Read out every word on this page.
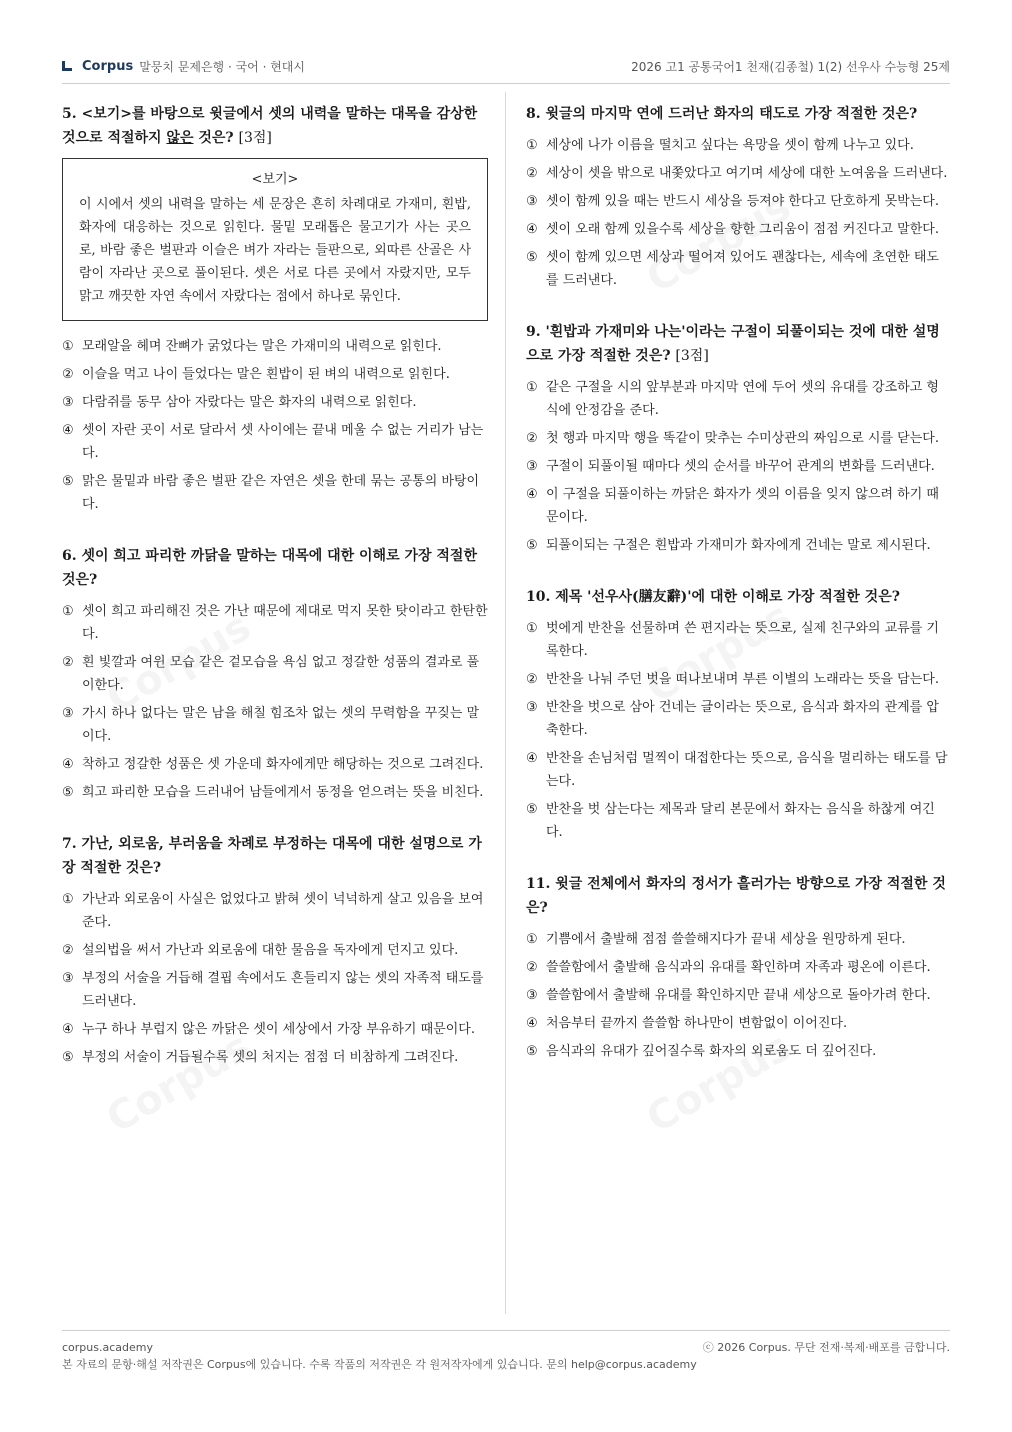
Corpus 말뭉치 문제은행 · 국어 · 현대시	2026 고1 공통국어1 천재(김종철) 1(2) 선우사 수능형 25제
5. <보기>를 바탕으로 윗글에서 셋의 내력을 말하는 대목을 감상한 것으로 적절하지 않은 것은? [3점]
<보기>
이 시에서 셋의 내력을 말하는 세 문장은 흔히 차례대로 가재미, 흰밥, 화자에 대응하는 것으로 읽힌다. 물밑 모래톱은 물고기가 사는 곳으로, 바람 좋은 벌판과 이슬은 벼가 자라는 들판으로, 외따른 산골은 사람이 자라난 곳으로 풀이된다. 셋은 서로 다른 곳에서 자랐지만, 모두 맑고 깨끗한 자연 속에서 자랐다는 점에서 하나로 묶인다.
① 모래알을 헤며 잔뼈가 굵었다는 말은 가재미의 내력으로 읽힌다.
② 이슬을 먹고 나이 들었다는 말은 흰밥이 된 벼의 내력으로 읽힌다.
③ 다람쥐를 동무 삼아 자랐다는 말은 화자의 내력으로 읽힌다.
④ 셋이 자란 곳이 서로 달라서 셋 사이에는 끝내 메울 수 없는 거리가 남는다.
⑤ 맑은 물밑과 바람 좋은 벌판 같은 자연은 셋을 한데 묶는 공통의 바탕이다.
6. 셋이 희고 파리한 까닭을 말하는 대목에 대한 이해로 가장 적절한 것은?
① 셋이 희고 파리해진 것은 가난 때문에 제대로 먹지 못한 탓이라고 한탄한다.
② 흰 빛깔과 여윈 모습 같은 겉모습을 욕심 없고 정갈한 성품의 결과로 풀이한다.
③ 가시 하나 없다는 말은 남을 해칠 힘조차 없는 셋의 무력함을 꾸짖는 말이다.
④ 착하고 정갈한 성품은 셋 가운데 화자에게만 해당하는 것으로 그려진다.
⑤ 희고 파리한 모습을 드러내어 남들에게서 동정을 얻으려는 뜻을 비친다.
7. 가난, 외로움, 부러움을 차례로 부정하는 대목에 대한 설명으로 가장 적절한 것은?
① 가난과 외로움이 사실은 없었다고 밝혀 셋이 넉넉하게 살고 있음을 보여 준다.
② 설의법을 써서 가난과 외로움에 대한 물음을 독자에게 던지고 있다.
③ 부정의 서술을 거듭해 결핍 속에서도 흔들리지 않는 셋의 자족적 태도를 드러낸다.
④ 누구 하나 부럽지 않은 까닭은 셋이 세상에서 가장 부유하기 때문이다.
⑤ 부정의 서술이 거듭될수록 셋의 처지는 점점 더 비참하게 그려진다.
8. 윗글의 마지막 연에 드러난 화자의 태도로 가장 적절한 것은?
① 세상에 나가 이름을 떨치고 싶다는 욕망을 셋이 함께 나누고 있다.
② 세상이 셋을 밖으로 내쫓았다고 여기며 세상에 대한 노여움을 드러낸다.
③ 셋이 함께 있을 때는 반드시 세상을 등져야 한다고 단호하게 못박는다.
④ 셋이 오래 함께 있을수록 세상을 향한 그리움이 점점 커진다고 말한다.
⑤ 셋이 함께 있으면 세상과 떨어져 있어도 괜찮다는, 세속에 초연한 태도를 드러낸다.
9. '흰밥과 가재미와 나는'이라는 구절이 되풀이되는 것에 대한 설명으로 가장 적절한 것은? [3점]
① 같은 구절을 시의 앞부분과 마지막 연에 두어 셋의 유대를 강조하고 형식에 안정감을 준다.
② 첫 행과 마지막 행을 똑같이 맞추는 수미상관의 짜임으로 시를 닫는다.
③ 구절이 되풀이될 때마다 셋의 순서를 바꾸어 관계의 변화를 드러낸다.
④ 이 구절을 되풀이하는 까닭은 화자가 셋의 이름을 잊지 않으려 하기 때문이다.
⑤ 되풀이되는 구절은 흰밥과 가재미가 화자에게 건네는 말로 제시된다.
10. 제목 '선우사(膳友辭)'에 대한 이해로 가장 적절한 것은?
① 벗에게 반찬을 선물하며 쓴 편지라는 뜻으로, 실제 친구와의 교류를 기록한다.
② 반찬을 나눠 주던 벗을 떠나보내며 부른 이별의 노래라는 뜻을 담는다.
③ 반찬을 벗으로 삼아 건네는 글이라는 뜻으로, 음식과 화자의 관계를 압축한다.
④ 반찬을 손님처럼 멀찍이 대접한다는 뜻으로, 음식을 멀리하는 태도를 담는다.
⑤ 반찬을 벗 삼는다는 제목과 달리 본문에서 화자는 음식을 하찮게 여긴다.
11. 윗글 전체에서 화자의 정서가 흘러가는 방향으로 가장 적절한 것은?
① 기쁨에서 출발해 점점 쓸쓸해지다가 끝내 세상을 원망하게 된다.
② 쓸쓸함에서 출발해 음식과의 유대를 확인하며 자족과 평온에 이른다.
③ 쓸쓸함에서 출발해 유대를 확인하지만 끝내 세상으로 돌아가려 한다.
④ 처음부터 끝까지 쓸쓸함 하나만이 변함없이 이어진다.
⑤ 음식과의 유대가 깊어질수록 화자의 외로움도 더 깊어진다.
corpus.academy	ⓒ 2026 Corpus. 무단 전재·복제·배포를 금합니다.
본 자료의 문항·해설 저작권은 Corpus에 있습니다. 수록 작품의 저작권은 각 원저작자에게 있습니다. 문의 help@corpus.academy
